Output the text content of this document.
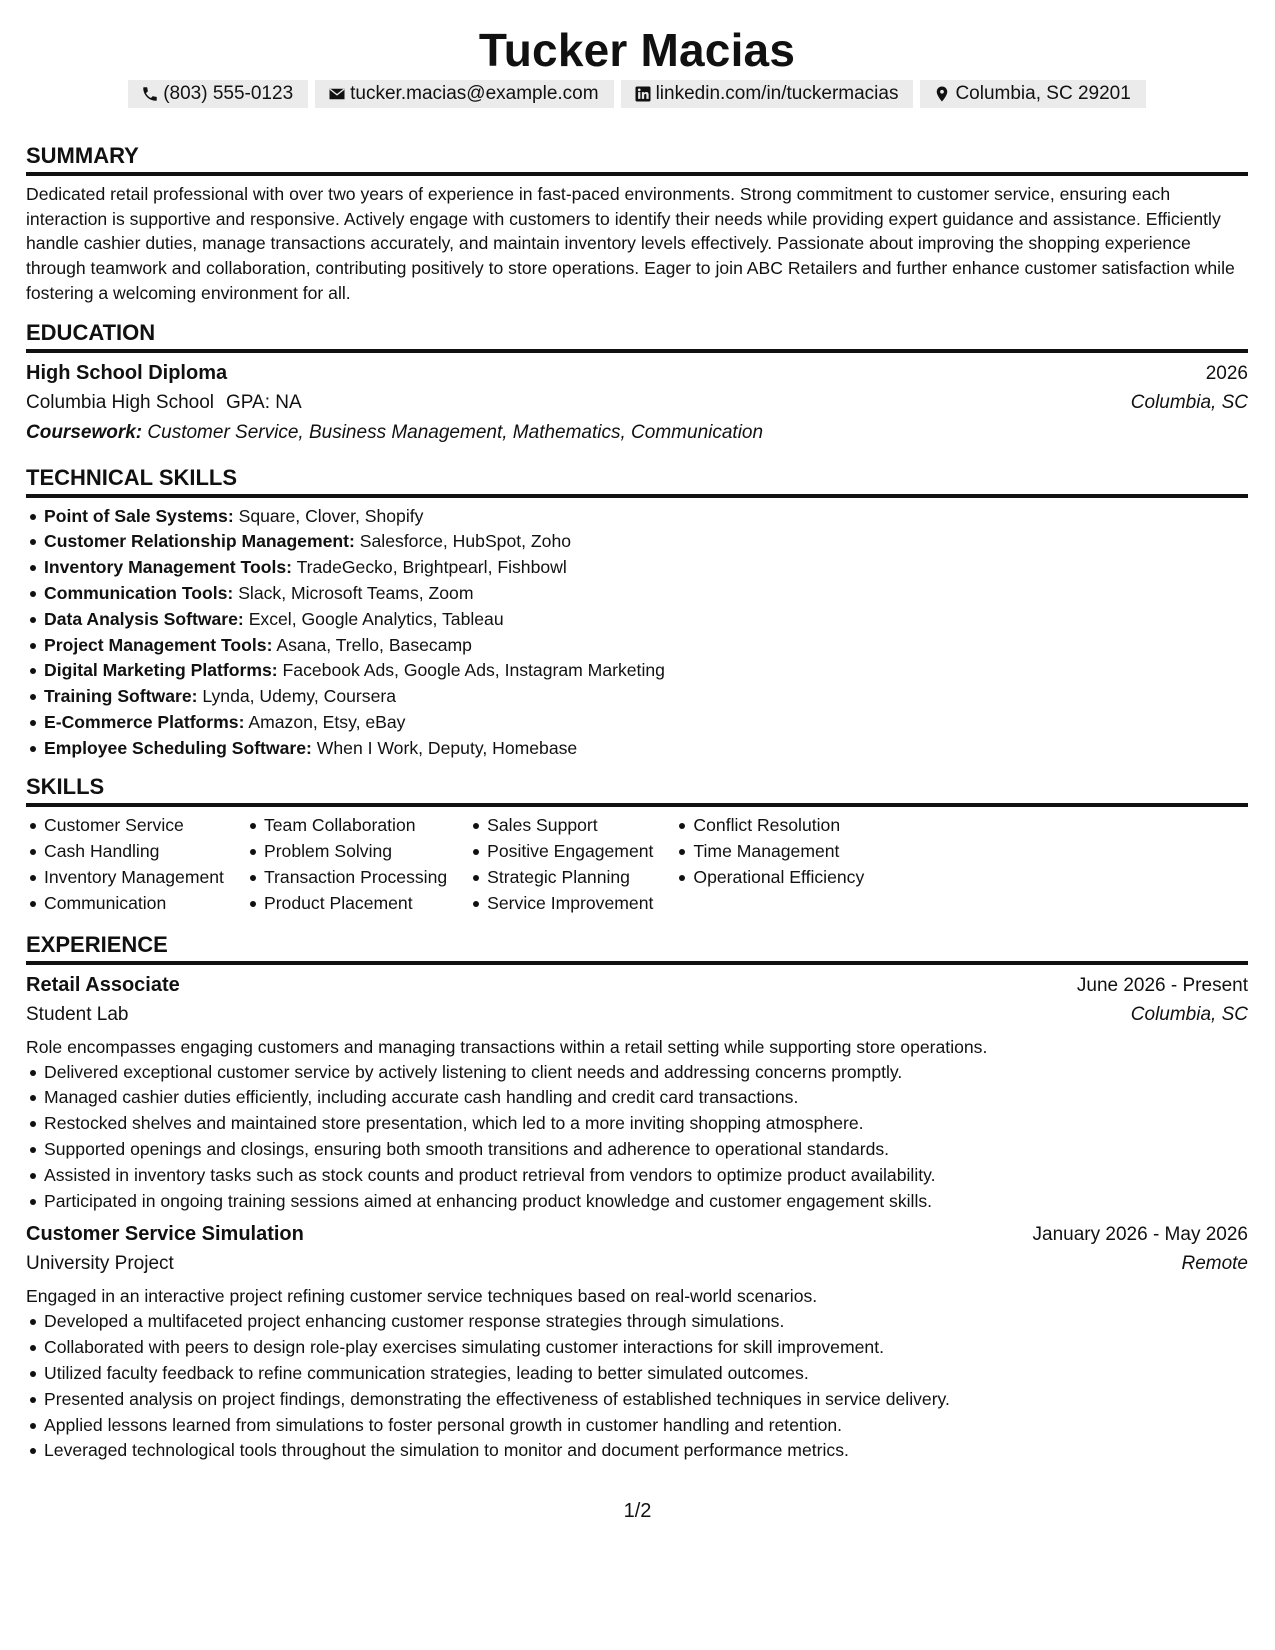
Tucker Macias
(803) 555-0123	tucker.macias@example.com	linkedin.com/in/tuckermacias	Columbia, SC 29201
SUMMARY
Dedicated retail professional with over two years of experience in fast-paced environments. Strong commitment to customer service, ensuring each interaction is supportive and responsive. Actively engage with customers to identify their needs while providing expert guidance and assistance. Efficiently handle cashier duties, manage transactions accurately, and maintain inventory levels effectively. Passionate about improving the shopping experience through teamwork and collaboration, contributing positively to store operations. Eager to join ABC Retailers and further enhance customer satisfaction while fostering a welcoming environment for all.
EDUCATION
High School Diploma	2026
Columbia High School GPA: NA	Columbia, SC
Coursework: Customer Service, Business Management, Mathematics, Communication
TECHNICAL SKILLS
Point of Sale Systems: Square, Clover, Shopify
Customer Relationship Management: Salesforce, HubSpot, Zoho
Inventory Management Tools: TradeGecko, Brightpearl, Fishbowl
Communication Tools: Slack, Microsoft Teams, Zoom
Data Analysis Software: Excel, Google Analytics, Tableau
Project Management Tools: Asana, Trello, Basecamp
Digital Marketing Platforms: Facebook Ads, Google Ads, Instagram Marketing
Training Software: Lynda, Udemy, Coursera
E-Commerce Platforms: Amazon, Etsy, eBay
Employee Scheduling Software: When I Work, Deputy, Homebase
SKILLS
Customer Service
Cash Handling
Inventory Management
Communication
Team Collaboration
Problem Solving
Transaction Processing
Product Placement
Sales Support
Positive Engagement
Strategic Planning
Service Improvement
Conflict Resolution
Time Management
Operational Efficiency
EXPERIENCE
Retail Associate	June 2026 - Present
Student Lab	Columbia, SC
Role encompasses engaging customers and managing transactions within a retail setting while supporting store operations.
Delivered exceptional customer service by actively listening to client needs and addressing concerns promptly.
Managed cashier duties efficiently, including accurate cash handling and credit card transactions.
Restocked shelves and maintained store presentation, which led to a more inviting shopping atmosphere.
Supported openings and closings, ensuring both smooth transitions and adherence to operational standards.
Assisted in inventory tasks such as stock counts and product retrieval from vendors to optimize product availability.
Participated in ongoing training sessions aimed at enhancing product knowledge and customer engagement skills.
Customer Service Simulation	January 2026 - May 2026
University Project	Remote
Engaged in an interactive project refining customer service techniques based on real-world scenarios.
Developed a multifaceted project enhancing customer response strategies through simulations.
Collaborated with peers to design role-play exercises simulating customer interactions for skill improvement.
Utilized faculty feedback to refine communication strategies, leading to better simulated outcomes.
Presented analysis on project findings, demonstrating the effectiveness of established techniques in service delivery.
Applied lessons learned from simulations to foster personal growth in customer handling and retention.
Leveraged technological tools throughout the simulation to monitor and document performance metrics.
1/2
